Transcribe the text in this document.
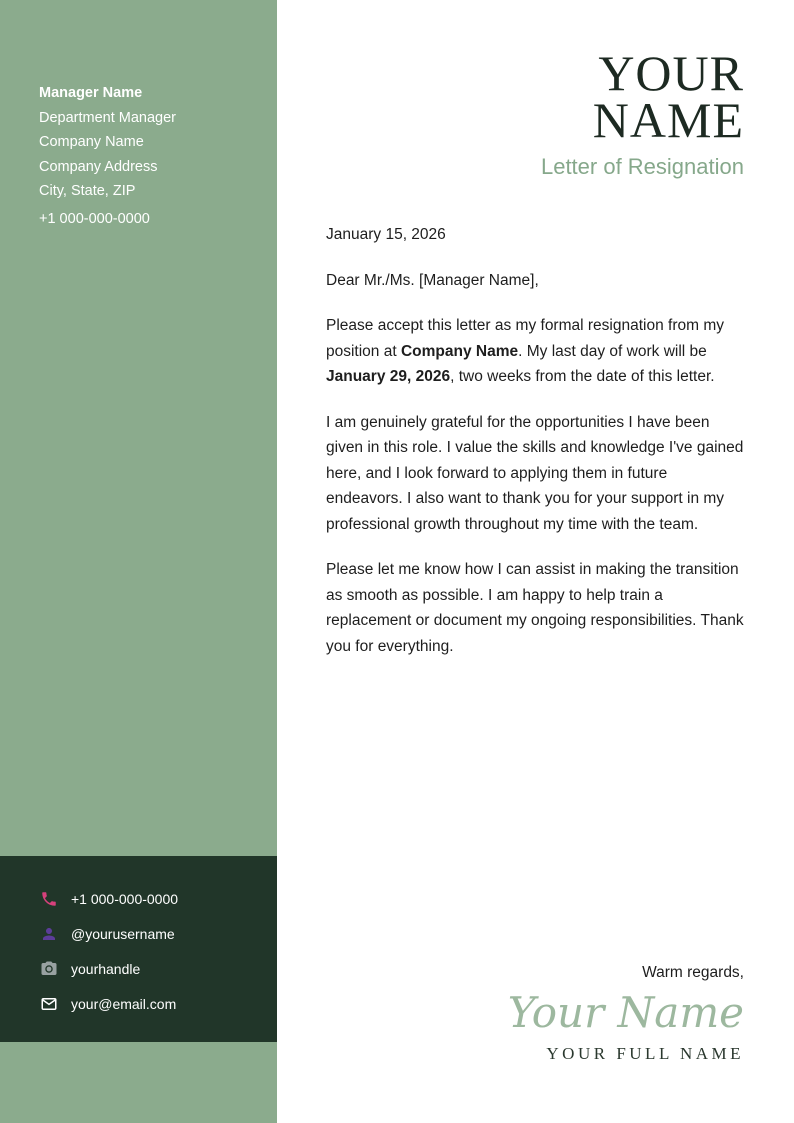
Manager Name
Department Manager
Company Name
Company Address
City, State, ZIP
+1 000-000-0000
+1 000-000-0000
@yourusername
yourhandle
your@email.com
YOUR
NAME
Letter of Resignation

January 15, 2026

Dear Mr./Ms. [Manager Name],

Please accept this letter as my formal resignation from my position at Company Name. My last day of work will be January 29, 2026, two weeks from the date of this letter.

I am genuinely grateful for the opportunities I have been given in this role. I value the skills and knowledge I've gained here, and I look forward to applying them in future endeavors. I also want to thank you for your support in my professional growth throughout my time with the team.

Please let me know how I can assist in making the transition as smooth as possible. I am happy to help train a replacement or document my ongoing responsibilities. Thank you for everything.

Warm regards,
Your Name
YOUR FULL NAME
